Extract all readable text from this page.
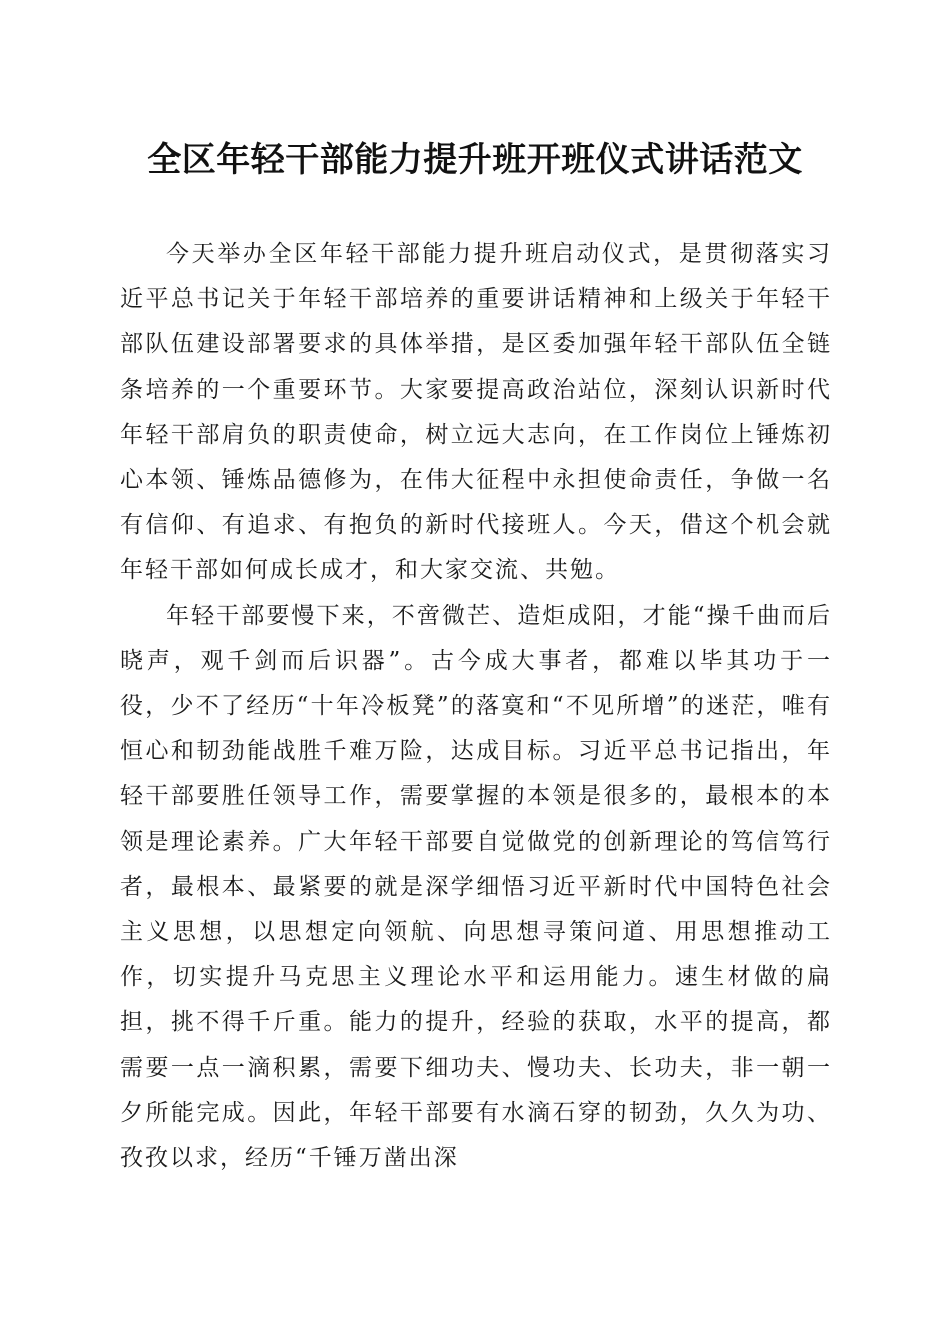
全区年轻干部能力提升班开班仪式讲话范文

今天举办全区年轻干部能力提升班启动仪式，是贯彻落实习近平总书记关于年轻干部培养的重要讲话精神和上级关于年轻干部队伍建设部署要求的具体举措，是区委加强年轻干部队伍全链条培养的一个重要环节。大家要提高政治站位，深刻认识新时代年轻干部肩负的职责使命，树立远大志向，在工作岗位上锤炼初心本领、锤炼品德修为，在伟大征程中永担使命责任，争做一名有信仰、有追求、有抱负的新时代接班人。今天，借这个机会就年轻干部如何成长成才，和大家交流、共勉。

年轻干部要慢下来，不啻微芒、造炬成阳，才能“操千曲而后晓声，观千剑而后识器”。古今成大事者，都难以毕其功于一役，少不了经历“十年冷板凳”的落寞和“不见所增”的迷茫，唯有恒心和韧劲能战胜千难万险，达成目标。习近平总书记指出，年轻干部要胜任领导工作，需要掌握的本领是很多的，最根本的本领是理论素养。广大年轻干部要自觉做党的创新理论的笃信笃行者，最根本、最紧要的就是深学细悟习近平新时代中国特色社会主义思想，以思想定向领航、向思想寻策问道、用思想推动工作，切实提升马克思主义理论水平和运用能力。速生材做的扁担，挑不得千斤重。能力的提升，经验的获取，水平的提高，都需要一点一滴积累，需要下细功夫、慢功夫、长功夫，非一朝一夕所能完成。因此，年轻干部要有水滴石穿的韧劲，久久为功、孜孜以求，经历“千锤万凿出深
